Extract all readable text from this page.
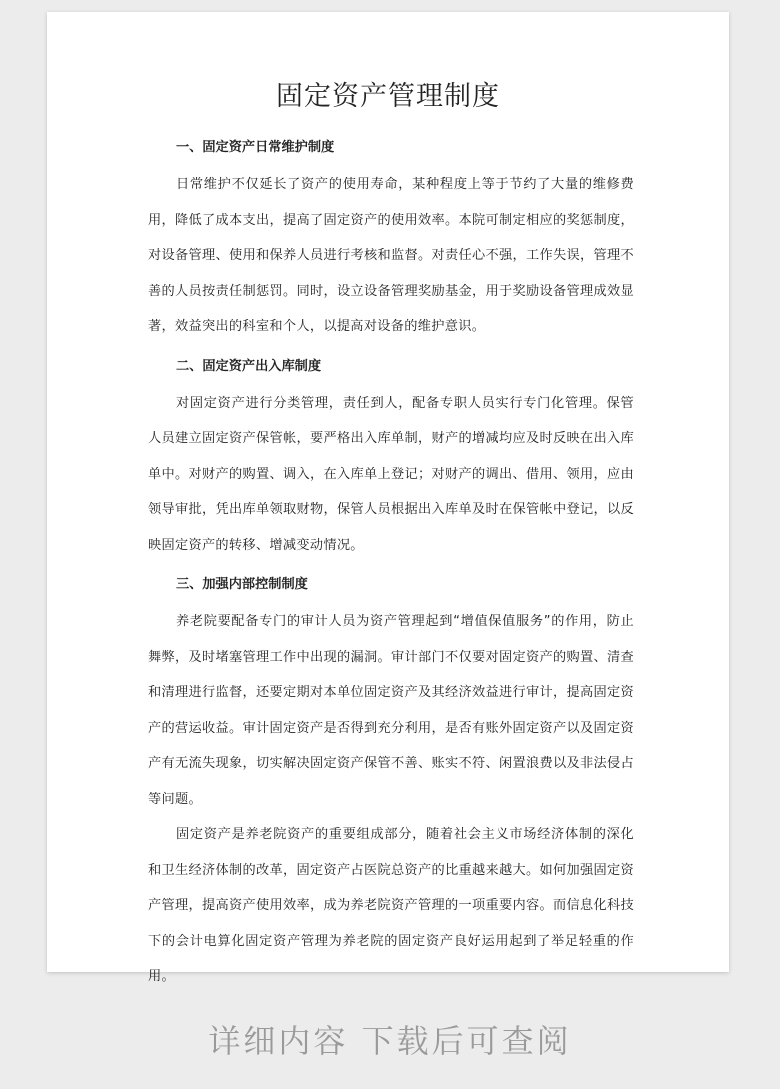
固定资产管理制度
一、固定资产日常维护制度

日常维护不仅延长了资产的使用寿命，某种程度上等于节约了大量的维修费用，降低了成本支出，提高了固定资产的使用效率。本院可制定相应的奖惩制度，对设备管理、使用和保养人员进行考核和监督。对责任心不强，工作失误，管理不善的人员按责任制惩罚。同时，设立设备管理奖励基金，用于奖励设备管理成效显著，效益突出的科室和个人，以提高对设备的维护意识。

二、固定资产出入库制度

对固定资产进行分类管理，责任到人，配备专职人员实行专门化管理。保管人员建立固定资产保管帐，要严格出入库单制，财产的增减均应及时反映在出入库单中。对财产的购置、调入，在入库单上登记；对财产的调出、借用、领用，应由领导审批，凭出库单领取财物，保管人员根据出入库单及时在保管帐中登记，以反映固定资产的转移、增减变动情况。

三、加强内部控制制度

养老院要配备专门的审计人员为资产管理起到“增值保值服务”的作用，防止舞弊，及时堵塞管理工作中出现的漏洞。审计部门不仅要对固定资产的购置、清查和清理进行监督，还要定期对本单位固定资产及其经济效益进行审计，提高固定资产的营运收益。审计固定资产是否得到充分利用，是否有账外固定资产以及固定资产有无流失现象，切实解决固定资产保管不善、账实不符、闲置浪费以及非法侵占等问题。

固定资产是养老院资产的重要组成部分，随着社会主义市场经济体制的深化和卫生经济体制的改革，固定资产占医院总资产的比重越来越大。如何加强固定资产管理，提高资产使用效率，成为养老院资产管理的一项重要内容。而信息化科技下的会计电算化固定资产管理为养老院的固定资产良好运用起到了举足轻重的作用。

详细内容 下载后可查阅
